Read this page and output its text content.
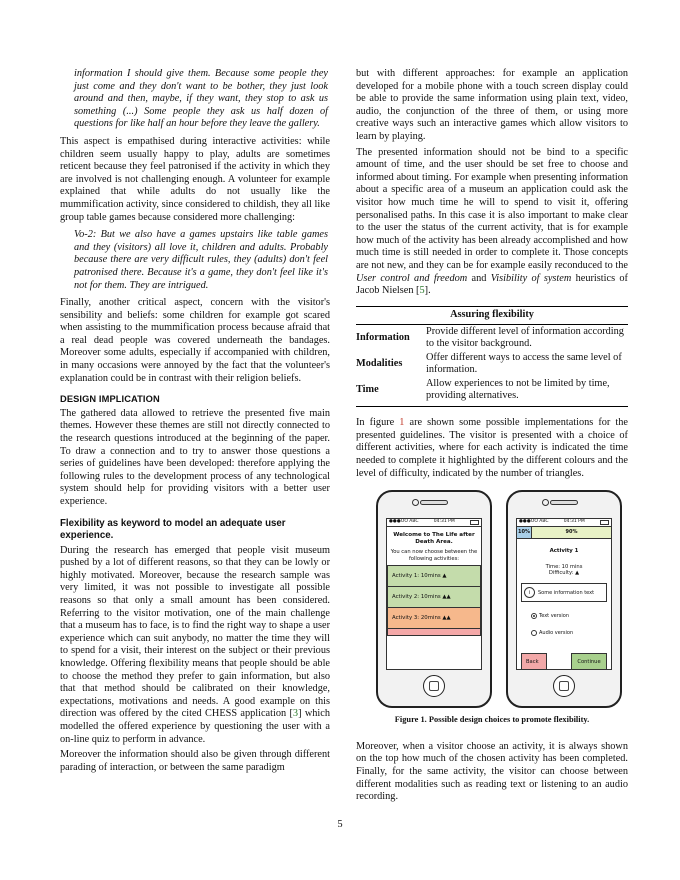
information I should give them. Because some people they just come and they don't want to be bother, they just look around and then, maybe, if they want, they stop to ask us something (...) Some people they ask us half dozen of questions for like half an hour before they leave the gallery.

This aspect is empathised during interactive activities: while children seem usually happy to play, adults are sometimes reticent because they feel patronised if the activity in which they are involved is not challenging enough. A volunteer for example explained that while adults do not usually like the mummification activity, since considered to childish, they all like group table games because considered more challenging:

Vo-2: But we also have a games upstairs like table games and they (visitors) all love it, children and adults. Probably because there are very difficult rules, they (adults) don't feel patronised there. Because it's a game, they don't feel like it's not for them. They are intrigued.

Finally, another critical aspect, concern with the visitor's sensibility and beliefs: some children for example got scared when assisting to the mummification process because afraid that a real dead people was covered underneath the bandages. Moreover some adults, especially if accompanied with children, in many occasions were annoyed by the fact that the volunteer's explanation could be in contrast with their religion beliefs.

DESIGN IMPLICATION

The gathered data allowed to retrieve the presented five main themes. However these themes are still not directly connected to the research questions introduced at the beginning of the paper. To draw a connection and to try to answer those questions a series of guidelines have been developed: therefore applying the following rules to the development process of any technological system should help for providing visitors with a better user experience.

Flexibility as keyword to model an adequate user experience.

During the research has emerged that people visit museum pushed by a lot of different reasons, so that they can be lowly or highly motivated. Moreover, because the research sample was very limited, it was not possible to investigate all possible reasons so that only a small amount has been considered. Referring to the visitor motivation, one of the main challenge that a museum has to face, is to find the right way to shape a user experience which can suit anybody, no matter the time they will to spend for a visit, their interest on the subject or their previous knowledge. Offering flexibility means that people should be able to choose the method they prefer to gain information, but also that that method should be calibrated on their knowledge, expectations, motivations and needs. A good example on this direction was offered by the cited CHESS application [3] which modelled the offered experience by questioning the user with a on-line quiz to perform in advance.

Moreover the information should also be given through different parading of interaction, or between the same paradigm

but with different approaches: for example an application developed for a mobile phone with a touch screen display could be able to provide the same information using plain text, video, audio, the conjunction of the three of them, or using more creative ways such an interactive games which allow visitors to learn by playing.

The presented information should not be bind to a specific amount of time, and the user should be set free to choose and informed about timing. For example when presenting information about a specific area of a museum an application could ask the visitor how much time he will to spend to visit it, offering personalised paths. In this case it is also important to make clear to the user the status of the current activity, that is for example how much of the activity has been already accomplished and how much time is still needed in order to complete it. Those concepts are not new, and they can be for example easily reconduced to the User control and freedom and Visibility of system heuristics of Jacob Nielsen [5].

Assuring flexibility	
Information	Provide different level of information according to the visitor background.
Modalities	Offer different ways to access the same level of information.
Time	Allow experiences to not be limited by time, providing alternatives.

In figure 1 are shown some possible implementations for the presented guidelines. The visitor is presented with a choice of different activities, where for each activity is indicated the time needed to complete it highlighted by the different colours and the level of difficulty, indicated by the number of triangles.

●●●OO ABC	04:31 PM
Welcome to The Life after Death Area.
You can now choose between the following activities:
Activity 1: 10mins ▲
Activity 2: 10mins ▲▲
Activity 3: 20mins ▲▲
●●●OO ABC	04:31 PM
10%	90%
Activity 1
Time: 10 mins
Difficulty: ▲
i	Some information text
Text version
Audio version
Back	Continue
Figure 1. Possible design choices to promote flexibility.

Moreover, when a visitor choose an activity, it is always shown on the top how much of the chosen activity has been completed. Finally, for the same activity, the visitor can choose between different modalities such as reading text or listening to an audio recording.

5
